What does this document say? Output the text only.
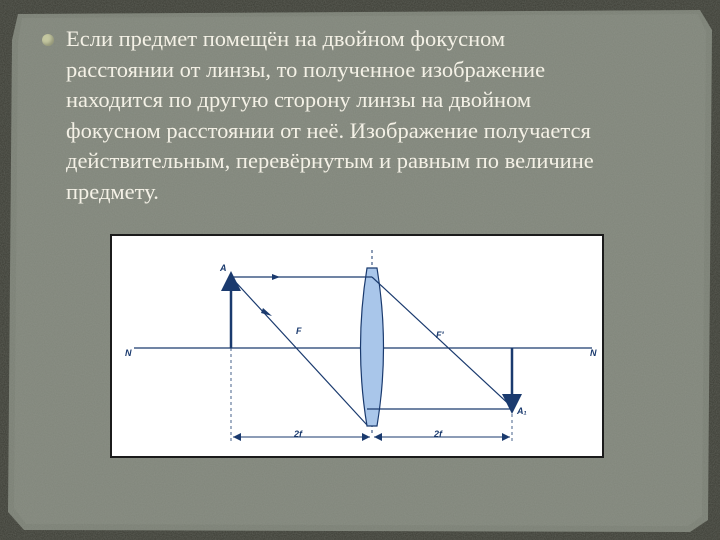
Если предмет помещён на двойном фокусном
расстоянии от линзы, то полученное изображение
находится по другую сторону линзы на двойном
фокусном расстоянии от неё. Изображение получается
действительным, перевёрнутым и равным по величине
предмету.
A
A₁
F	F'
N	N
2f	2f
